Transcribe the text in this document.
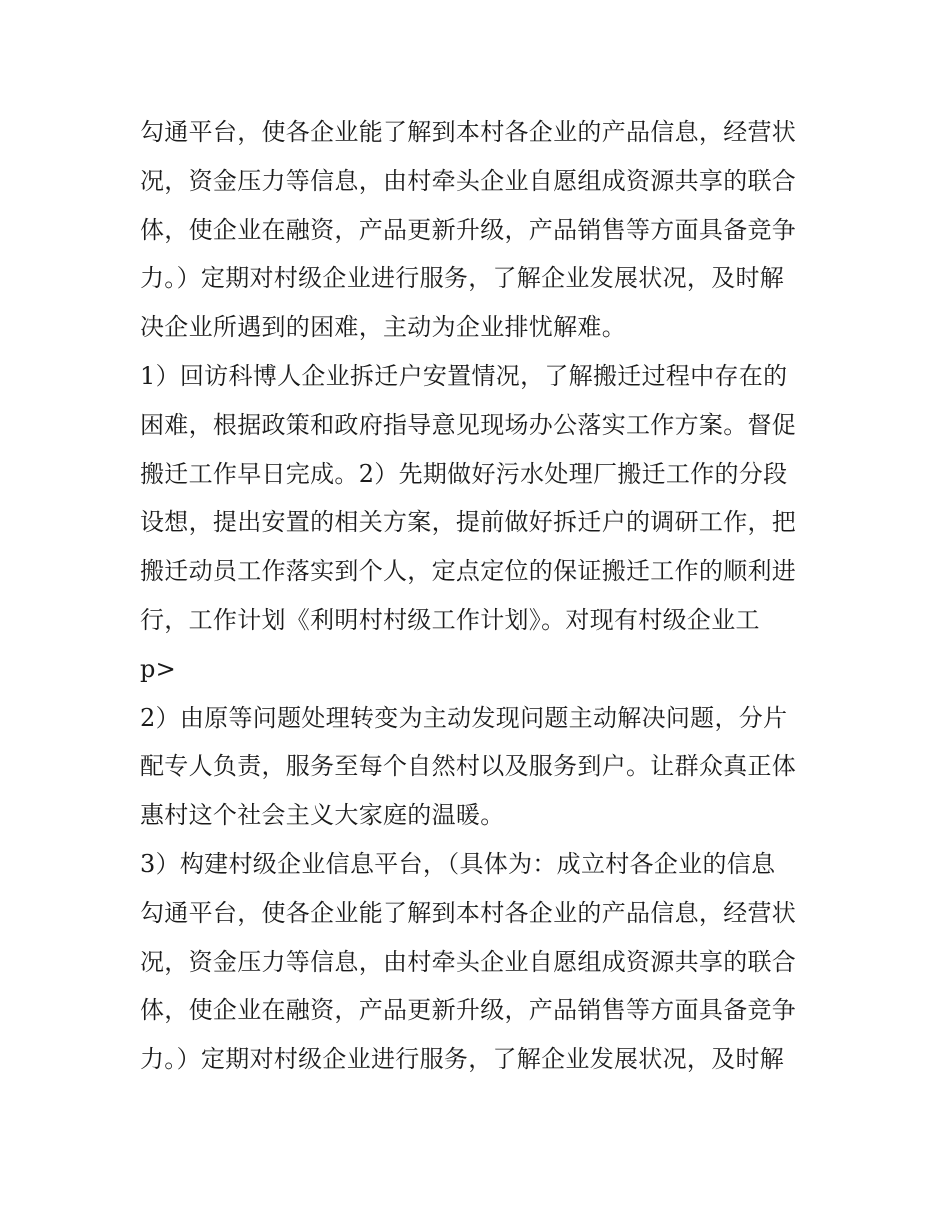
勾通平台，使各企业能了解到本村各企业的产品信息，经营状
况，资金压力等信息，由村牵头企业自愿组成资源共享的联合
体，使企业在融资，产品更新升级，产品销售等方面具备竞争
力。）定期对村级企业进行服务，了解企业发展状况，及时解
决企业所遇到的困难，主动为企业排忧解难。
1）回访科博人企业拆迁户安置情况，了解搬迁过程中存在的
困难，根据政策和政府指导意见现场办公落实工作方案。督促
搬迁工作早日完成。2）先期做好污水处理厂搬迁工作的分段
设想，提出安置的相关方案，提前做好拆迁户的调研工作，把
搬迁动员工作落实到个人，定点定位的保证搬迁工作的顺利进
行，工作计划《利明村村级工作计划》。对现有村级企业工
p>
2）由原等问题处理转变为主动发现问题主动解决问题，分片
配专人负责，服务至每个自然村以及服务到户。让群众真正体
惠村这个社会主义大家庭的温暖。
3）构建村级企业信息平台，（具体为：成立村各企业的信息
勾通平台，使各企业能了解到本村各企业的产品信息，经营状
况，资金压力等信息，由村牵头企业自愿组成资源共享的联合
体，使企业在融资，产品更新升级，产品销售等方面具备竞争
力。）定期对村级企业进行服务，了解企业发展状况，及时解
